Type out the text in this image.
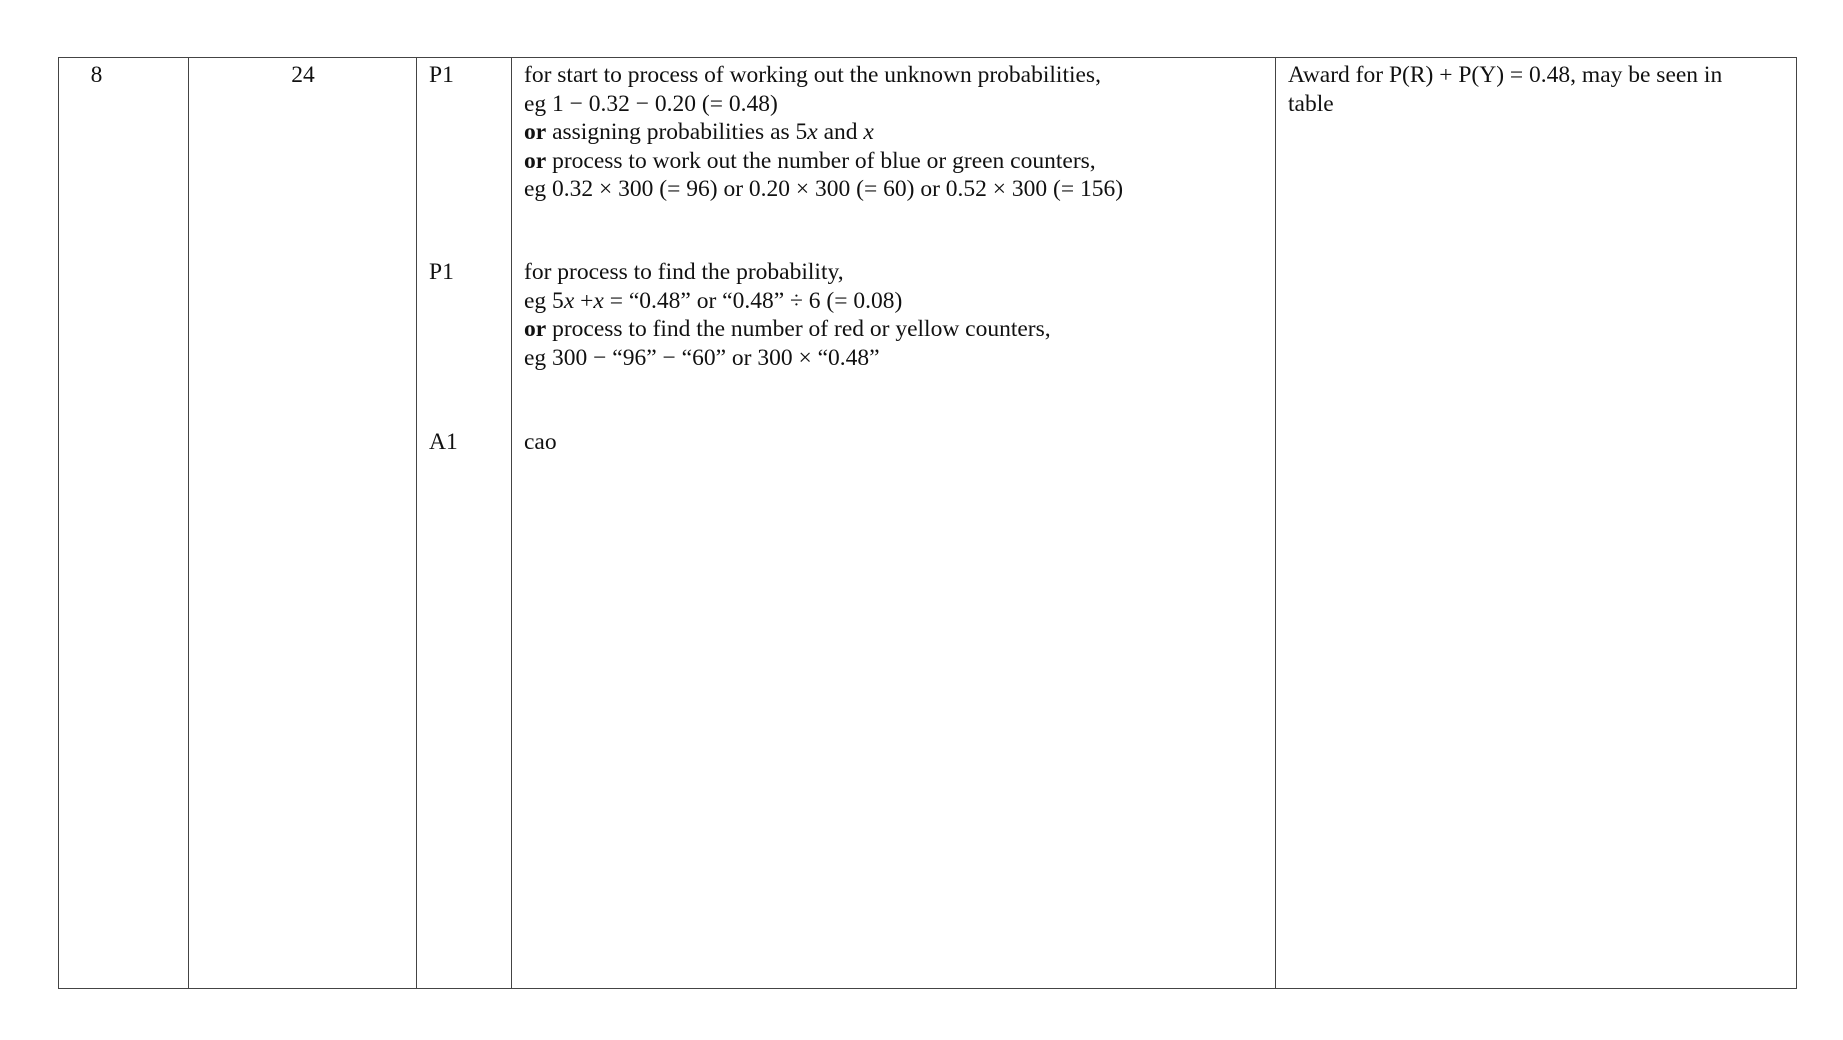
8	24	P1
P1
A1
for start to process of working out the unknown probabilities,
eg 1 − 0.32 − 0.20 (= 0.48)
or assigning probabilities as 5x and x
or process to work out the number of blue or green counters,
eg 0.32 × 300 (= 96) or 0.20 × 300 (= 60) or 0.52 × 300 (= 156)
for process to find the probability,
eg 5x +x = “0.48” or “0.48” ÷ 6 (= 0.08)
or process to find the number of red or yellow counters,
eg 300 − “96” − “60” or 300 × “0.48”
cao
Award for P(R) + P(Y) = 0.48, may be seen in table
